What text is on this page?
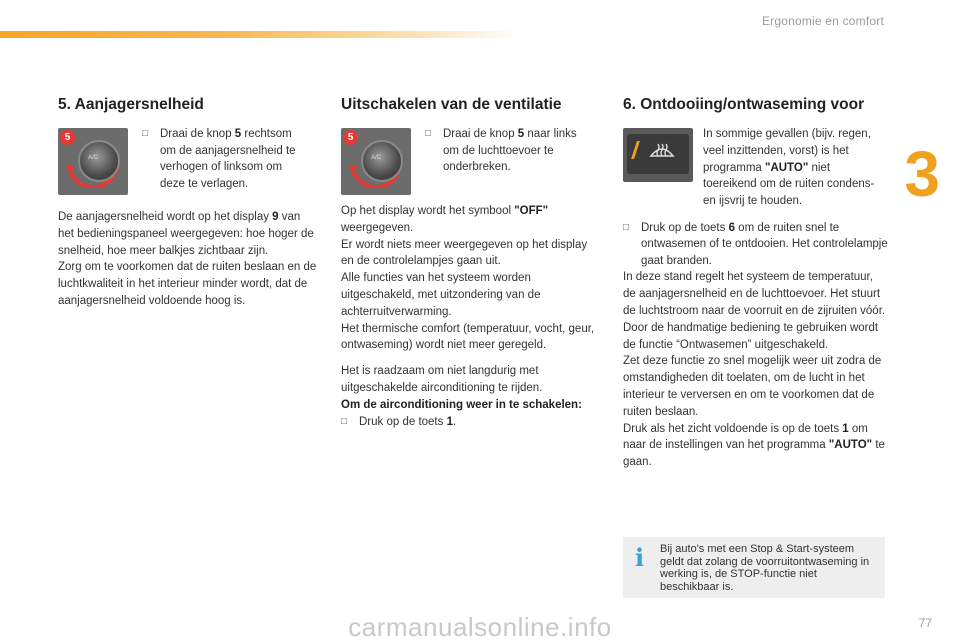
Ergonomie en comfort
3
5. Aanjagersnelheid
A/C
5	□	Draai de knop 5 rechtsom om de aanjagersnelheid te verhogen of linksom om deze te verlagen.

De aanjagersnelheid wordt op het display 9 van het bedieningspaneel weergegeven: hoe hoger de snelheid, hoe meer balkjes zichtbaar zijn.

Zorg om te voorkomen dat de ruiten beslaan en de luchtkwaliteit in het interieur minder wordt, dat de aanjagersnelheid voldoende hoog is.

Uitschakelen van de ventilatie
A/C
5	□	Draai de knop 5 naar links om de luchttoevoer te onderbreken.

Op het display wordt het symbool "OFF" weergegeven.

Er wordt niets meer weergegeven op het display en de controlelampjes gaan uit.

Alle functies van het systeem worden uitgeschakeld, met uitzondering van de achterruitverwarming.

Het thermische comfort (temperatuur, vocht, geur, ontwaseming) wordt niet meer geregeld.

Het is raadzaam om niet langdurig met uitgeschakelde airconditioning te rijden.

Om de airconditioning weer in te schakelen:

□	Druk op de toets 1.
6. Ontdooiing/ontwaseming voor

In sommige gevallen (bijv. regen, veel inzittenden, vorst) is het programma "AUTO" niet toereikend om de ruiten condens- en ijsvrij te houden.

□	Druk op de toets 6 om de ruiten snel te ontwasemen of te ontdooien. Het controlelampje gaat branden.

In deze stand regelt het systeem de temperatuur, de aanjagersnelheid en de luchttoevoer. Het stuurt de luchtstroom naar de voorruit en de zijruiten vóór.

Door de handmatige bediening te gebruiken wordt de functie “Ontwasemen” uitgeschakeld.

Zet deze functie zo snel mogelijk weer uit zodra de omstandigheden dit toelaten, om de lucht in het interieur te verversen en om te voorkomen dat de ruiten beslaan.

Druk als het zicht voldoende is op de toets 1 om naar de instellingen van het programma "AUTO" te gaan.

i Bij auto's met een Stop & Start-systeem geldt dat zolang de voorruitontwaseming in werking is, de STOP-functie niet beschikbaar is.
77
carmanualsonline.info
